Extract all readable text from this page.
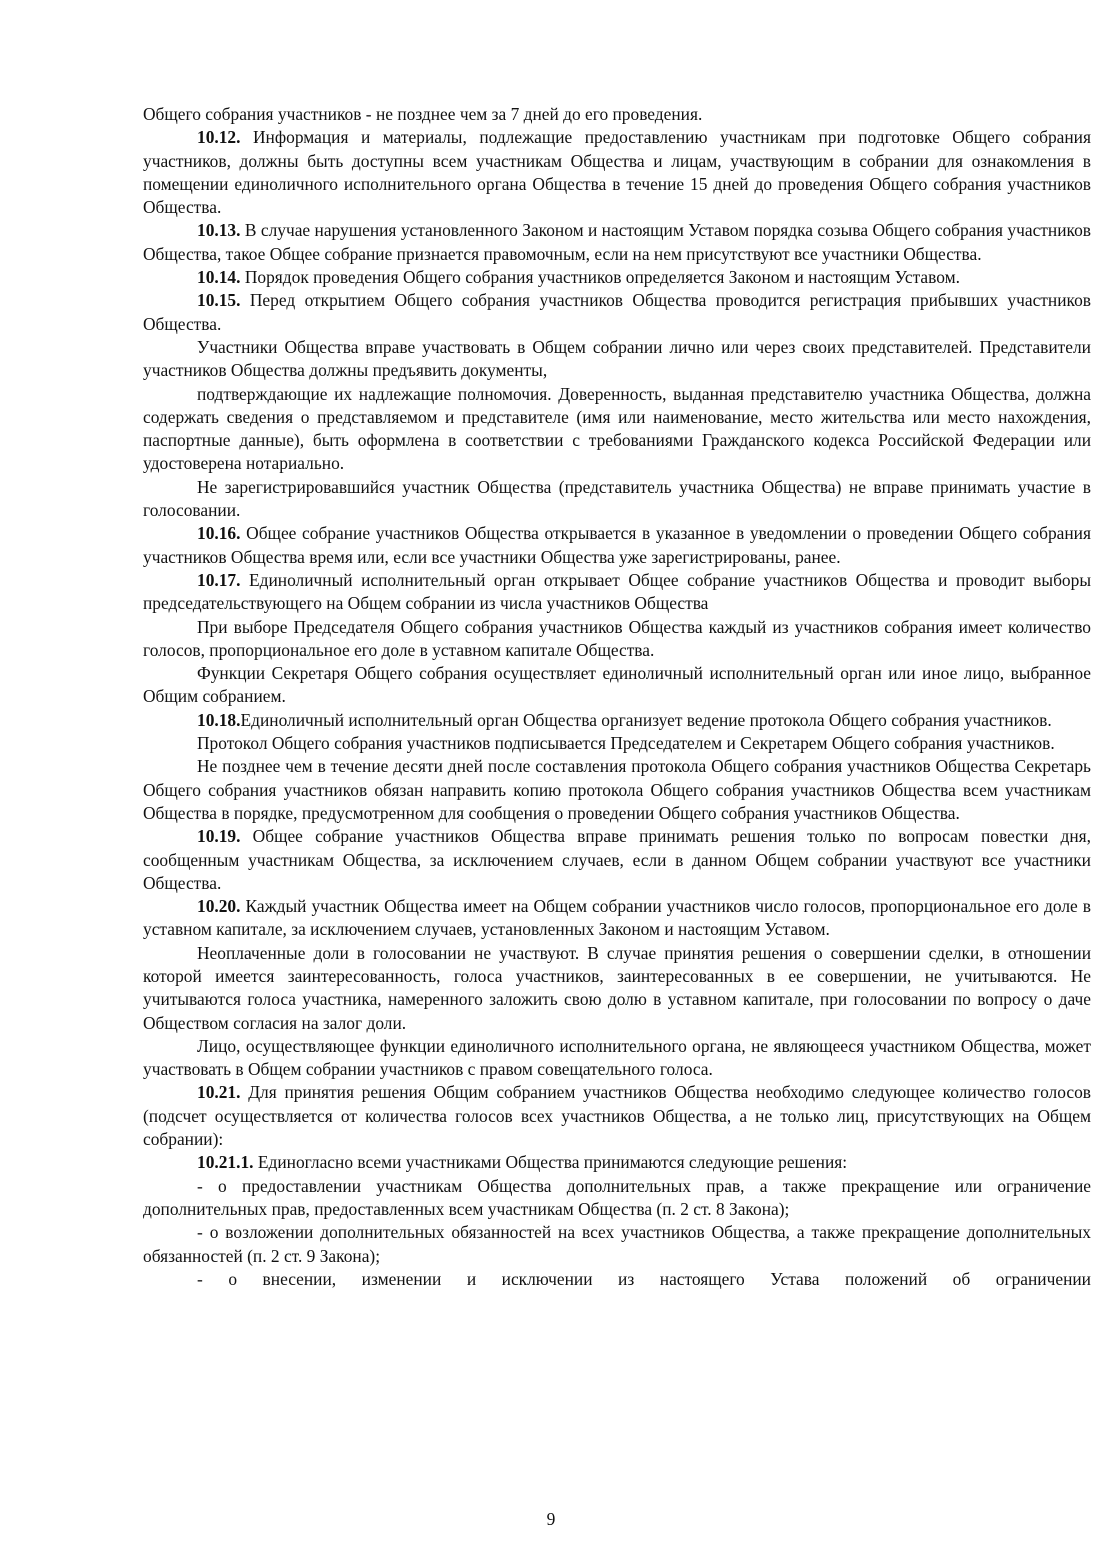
Общего собрания участников - не позднее чем за 7 дней до его проведения.

10.12. Информация и материалы, подлежащие предоставлению участникам при подготовке Общего собрания участников, должны быть доступны всем участникам Общества и лицам, участвующим в собрании для ознакомления в помещении единоличного исполнительного органа Общества в течение 15 дней до проведения Общего собрания участников Общества.

10.13. В случае нарушения установленного Законом и настоящим Уставом порядка созыва Общего собрания участников Общества, такое Общее собрание признается правомочным, если на нем присутствуют все участники Общества.

10.14. Порядок проведения Общего собрания участников определяется Законом и настоящим Уставом.

10.15. Перед открытием Общего собрания участников Общества проводится регистрация прибывших участников Общества.

Участники Общества вправе участвовать в Общем собрании лично или через своих представителей. Представители участников Общества должны предъявить документы,

подтверждающие их надлежащие полномочия. Доверенность, выданная представителю участника Общества, должна содержать сведения о представляемом и представителе (имя или наименование, место жительства или место нахождения, паспортные данные), быть оформлена в соответствии с требованиями Гражданского кодекса Российской Федерации или удостоверена нотариально.

Не зарегистрировавшийся участник Общества (представитель участника Общества) не вправе принимать участие в голосовании.

10.16. Общее собрание участников Общества открывается в указанное в уведомлении о проведении Общего собрания участников Общества время или, если все участники Общества уже зарегистрированы, ранее.

10.17. Единоличный исполнительный орган открывает Общее собрание участников Общества и проводит выборы председательствующего на Общем собрании из числа участников Общества

При выборе Председателя Общего собрания участников Общества каждый из участников собрания имеет количество голосов, пропорциональное его доле в уставном капитале Общества.

Функции Секретаря Общего собрания осуществляет единоличный исполнительный орган или иное лицо, выбранное Общим собранием.

10.18.Единоличный исполнительный орган Общества организует ведение протокола Общего собрания участников.

Протокол Общего собрания участников подписывается Председателем и Секретарем Общего собрания участников.

Не позднее чем в течение десяти дней после составления протокола Общего собрания участников Общества Секретарь Общего собрания участников обязан направить копию протокола Общего собрания участников Общества всем участникам Общества в порядке, предусмотренном для сообщения о проведении Общего собрания участников Общества.

10.19. Общее собрание участников Общества вправе принимать решения только по вопросам повестки дня, сообщенным участникам Общества, за исключением случаев, если в данном Общем собрании участвуют все участники Общества.

10.20. Каждый участник Общества имеет на Общем собрании участников число голосов, пропорциональное его доле в уставном капитале, за исключением случаев, установленных Законом и настоящим Уставом.

Неоплаченные доли в голосовании не участвуют. В случае принятия решения о совершении сделки, в отношении которой имеется заинтересованность, голоса участников, заинтересованных в ее совершении, не учитываются. Не учитываются голоса участника, намеренного заложить свою долю в уставном капитале, при голосовании по вопросу о даче Обществом согласия на залог доли.

Лицо, осуществляющее функции единоличного исполнительного органа, не являющееся участником Общества, может участвовать в Общем собрании участников с правом совещательного голоса.

10.21. Для принятия решения Общим собранием участников Общества необходимо следующее количество голосов (подсчет осуществляется от количества голосов всех участников Общества, а не только лиц, присутствующих на Общем собрании):

10.21.1. Единогласно всеми участниками Общества принимаются следующие решения:

- о предоставлении участникам Общества дополнительных прав, а также прекращение или ограничение дополнительных прав, предоставленных всем участникам Общества (п. 2 ст. 8 Закона);

- о возложении дополнительных обязанностей на всех участников Общества, а также прекращение дополнительных обязанностей (п. 2 ст. 9 Закона);

- о внесении, изменении и исключении из настоящего Устава положений об ограничении

9
